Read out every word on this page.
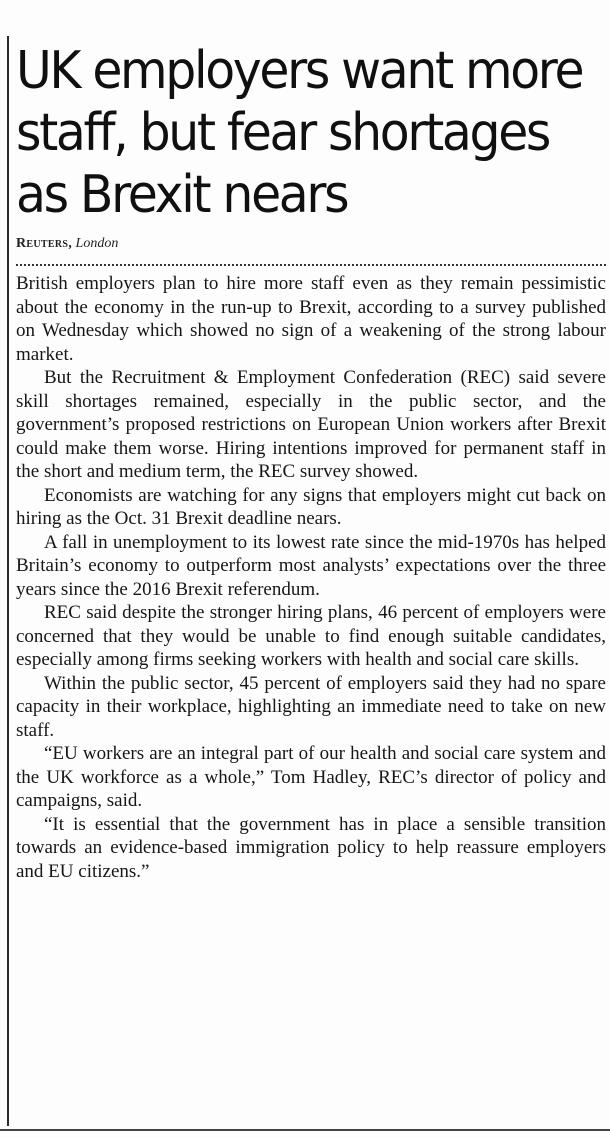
UK employers want more staff, but fear shortages as Brexit nears
Reuters, London

British employers plan to hire more staff even as they remain pessimistic about the economy in the run-up to Brexit, according to a survey published on Wednesday which showed no sign of a weakening of the strong labour market.

But the Recruitment & Employment Confederation (REC) said severe skill shortages remained, especially in the public sector, and the government’s proposed restrictions on European Union workers after Brexit could make them worse. Hiring intentions improved for permanent staff in the short and medium term, the REC survey showed.

Economists are watching for any signs that employers might cut back on hiring as the Oct. 31 Brexit deadline nears.

A fall in unemployment to its lowest rate since the mid-1970s has helped Britain’s economy to outperform most analysts’ expectations over the three years since the 2016 Brexit referendum.

REC said despite the stronger hiring plans, 46 percent of employers were concerned that they would be unable to find enough suitable candidates, especially among firms seeking workers with health and social care skills.

Within the public sector, 45 percent of employers said they had no spare capacity in their workplace, highlighting an immediate need to take on new staff.

“EU workers are an integral part of our health and social care system and the UK workforce as a whole,” Tom Hadley, REC’s director of policy and campaigns, said.

“It is essential that the government has in place a sensible transition towards an evidence-based immigration policy to help reassure employers and EU citizens.”
